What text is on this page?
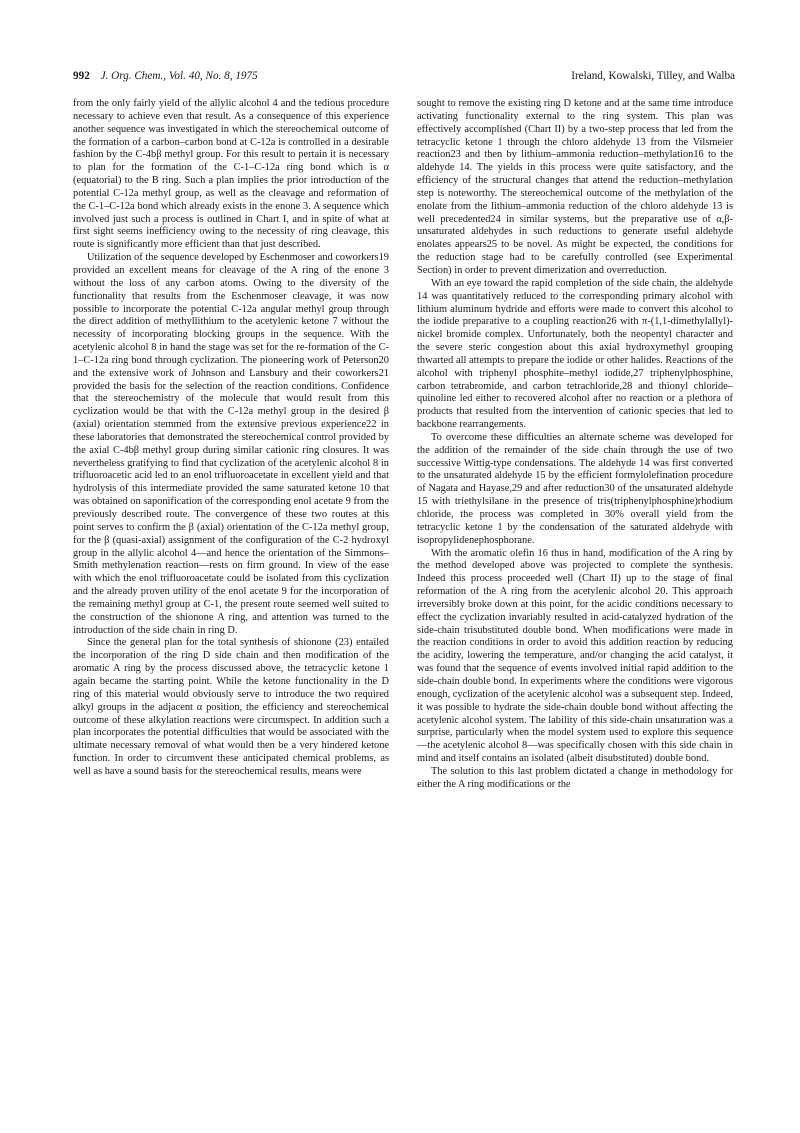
992 J. Org. Chem., Vol. 40, No. 8, 1975	Ireland, Kowalski, Tilley, and Walba

from the only fairly yield of the allylic alcohol 4 and the tedious procedure necessary to achieve even that result. As a consequence of this experience another sequence was investigated in which the stereochemical outcome of the formation of a carbon–carbon bond at C-12a is controlled in a desirable fashion by the C-4bβ methyl group. For this result to pertain it is necessary to plan for the formation of the C-1–C-12a ring bond which is α (equatorial) to the B ring. Such a plan implies the prior introduction of the potential C-12a methyl group, as well as the cleavage and reformation of the C-1–C-12a bond which already exists in the enone 3. A sequence which involved just such a process is outlined in Chart I, and in spite of what at first sight seems inefficiency owing to the necessity of ring cleavage, this route is significantly more efficient than that just described.

Utilization of the sequence developed by Eschenmoser and coworkers19 provided an excellent means for cleavage of the A ring of the enone 3 without the loss of any carbon atoms. Owing to the diversity of the functionality that results from the Eschenmoser cleavage, it was now possible to incorporate the potential C-12a angular methyl group through the direct addition of methyllithium to the acetylenic ketone 7 without the necessity of incorporating blocking groups in the sequence. With the acetylenic alcohol 8 in hand the stage was set for the re-formation of the C-1–C-12a ring bond through cyclization. The pioneering work of Peterson20 and the extensive work of Johnson and Lansbury and their coworkers21 provided the basis for the selection of the reaction conditions. Confidence that the stereochemistry of the molecule that would result from this cyclization would be that with the C-12a methyl group in the desired β (axial) orientation stemmed from the extensive previous experience22 in these laboratories that demonstrated the stereochemical control provided by the axial C-4bβ methyl group during similar cationic ring closures. It was nevertheless gratifying to find that cyclization of the acetylenic alcohol 8 in trifluoroacetic acid led to an enol trifluoroacetate in excellent yield and that hydrolysis of this intermediate provided the same saturated ketone 10 that was obtained on saponification of the corresponding enol acetate 9 from the previously described route. The convergence of these two routes at this point serves to confirm the β (axial) orientation of the C-12a methyl group, for the β (quasi-axial) assignment of the configuration of the C-2 hydroxyl group in the allylic alcohol 4—and hence the orientation of the Simmons–Smith methylenation reaction—rests on firm ground. In view of the ease with which the enol trifluoroacetate could be isolated from this cyclization and the already proven utility of the enol acetate 9 for the incorporation of the remaining methyl group at C-1, the present route seemed well suited to the construction of the shionone A ring, and attention was turned to the introduction of the side chain in ring D.

Since the general plan for the total synthesis of shionone (23) entailed the incorporation of the ring D side chain and then modification of the aromatic A ring by the process discussed above, the tetracyclic ketone 1 again became the starting point. While the ketone functionality in the D ring of this material would obviously serve to introduce the two required alkyl groups in the adjacent α position, the efficiency and stereochemical outcome of these alkylation reactions were circumspect. In addition such a plan incorporates the potential difficulties that would be associated with the ultimate necessary removal of what would then be a very hindered ketone function. In order to circumvent these anticipated chemical problems, as well as have a sound basis for the stereochemical results, means were

sought to remove the existing ring D ketone and at the same time introduce activating functionality external to the ring system. This plan was effectively accomplished (Chart II) by a two-step process that led from the tetracyclic ketone 1 through the chloro aldehyde 13 from the Vilsmeier reaction23 and then by lithium–ammonia reduction–methylation16 to the aldehyde 14. The yields in this process were quite satisfactory, and the efficiency of the structural changes that attend the reduction–methylation step is noteworthy. The stereochemical outcome of the methylation of the enolate from the lithium–ammonia reduction of the chloro aldehyde 13 is well precedented24 in similar systems, but the preparative use of α,β-unsaturated aldehydes in such reductions to generate useful aldehyde enolates appears25 to be novel. As might be expected, the conditions for the reduction stage had to be carefully controlled (see Experimental Section) in order to prevent dimerization and overreduction.

With an eye toward the rapid completion of the side chain, the aldehyde 14 was quantitatively reduced to the corresponding primary alcohol with lithium aluminum hydride and efforts were made to convert this alcohol to the iodide preparative to a coupling reaction26 with π-(1,1-dimethylallyl)-nickel bromide complex. Unfortunately, both the neopentyl character and the severe steric congestion about this axial hydroxymethyl grouping thwarted all attempts to prepare the iodide or other halides. Reactions of the alcohol with triphenyl phosphite–methyl iodide,27 triphenylphosphine, carbon tetrabromide, and carbon tetrachloride,28 and thionyl chloride–quinoline led either to recovered alcohol after no reaction or a plethora of products that resulted from the intervention of cationic species that led to backbone rearrangements.

To overcome these difficulties an alternate scheme was developed for the addition of the remainder of the side chain through the use of two successive Wittig-type condensations. The aldehyde 14 was first converted to the unsaturated aldehyde 15 by the efficient formylolefination procedure of Nagata and Hayase,29 and after reduction30 of the unsaturated aldehyde 15 with triethylsilane in the presence of tris(triphenylphosphine)rhodium chloride, the process was completed in 30% overall yield from the tetracyclic ketone 1 by the condensation of the saturated aldehyde with isopropylidenephosphorane.

With the aromatic olefin 16 thus in hand, modification of the A ring by the method developed above was projected to complete the synthesis. Indeed this process proceeded well (Chart II) up to the stage of final reformation of the A ring from the acetylenic alcohol 20. This approach irreversibly broke down at this point, for the acidic conditions necessary to effect the cyclization invariably resulted in acid-catalyzed hydration of the side-chain trisubstituted double bond. When modifications were made in the reaction conditions in order to avoid this addition reaction by reducing the acidity, lowering the temperature, and/or changing the acid catalyst, it was found that the sequence of events involved initial rapid addition to the side-chain double bond. In experiments where the conditions were vigorous enough, cyclization of the acetylenic alcohol was a subsequent step. Indeed, it was possible to hydrate the side-chain double bond without affecting the acetylenic alcohol system. The lability of this side-chain unsaturation was a surprise, particularly when the model system used to explore this sequence—the acetylenic alcohol 8—was specifically chosen with this side chain in mind and itself contains an isolated (albeit disubstituted) double bond.

The solution to this last problem dictated a change in methodology for either the A ring modifications or the
